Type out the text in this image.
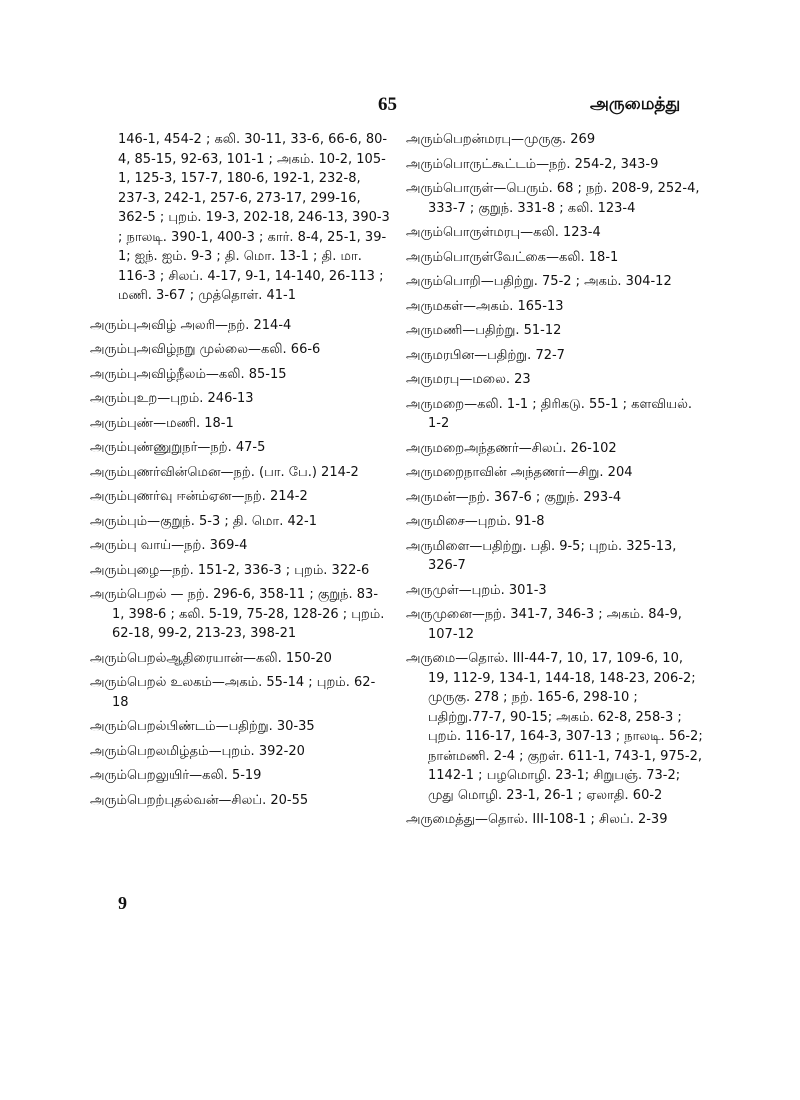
65	அருமைத்து
146-1, 454-2 ; கலி. 30-11, 33-6, 66-6, 80-4, 85-15, 92-63, 101-1 ; அகம். 10-2, 105-1, 125-3, 157-7, 180-6, 192-1, 232-8, 237-3, 242-1, 257-6, 273-17, 299-16, 362-5 ; புறம். 19-3, 202-18, 246-13, 390-3 ; நாலடி. 390-1, 400-3 ; கார். 8-4, 25-1, 39-1; ஐந். ஐம். 9-3 ; தி. மொ. 13-1 ; தி. மா. 116-3 ; சிலப். 4-17, 9-1, 14-140, 26-113 ; மணி. 3-67 ; முத்தொள். 41-1
அரும்புஅவிழ் அலரி—நற். 214-4
அரும்புஅவிழ்நறு முல்லை—கலி. 66-6
அரும்புஅவிழ்நீலம்—கலி. 85-15
அரும்புஉற—புறம். 246-13
அரும்புண்—மணி. 18-1
அரும்புண்ணுறுநர்—நற். 47-5
அரும்புணர்வின்மென—நற். (பா. பே.) 214-2
அரும்புணர்வு ஈன்ம்ஏன—நற். 214-2
அரும்பும்—குறுந். 5-3 ; தி. மொ. 42-1
அரும்பு வாய்—நற். 369-4
அரும்புழை—நற். 151-2, 336-3 ; புறம். 322-6
அரும்பெறல் — நற். 296-6, 358-11 ; குறுந். 83-1, 398-6 ; கலி. 5-19, 75-28, 128-26 ; புறம். 62-18, 99-2, 213-23, 398-21
அரும்பெறல்ஆதிரையான்—கலி. 150-20
அரும்பெறல் உலகம்—அகம். 55-14 ; புறம். 62-18
அரும்பெறல்பிண்டம்—பதிற்று. 30-35
அரும்பெறலமிழ்தம்—புறம். 392-20
அரும்பெறலுயிர்—கலி. 5-19
அரும்பெறற்புதல்வன்—சிலப். 20-55
அரும்பெறன்மரபு—முருகு. 269
அரும்பொருட்கூட்டம்—நற். 254-2, 343-9
அரும்பொருள்—பெரும். 68 ; நற். 208-9, 252-4, 333-7 ; குறுந். 331-8 ; கலி. 123-4
அரும்பொருள்மரபு—கலி. 123-4
அரும்பொருள்வேட்கை—கலி. 18-1
அரும்பொறி—பதிற்று. 75-2 ; அகம். 304-12
அருமகள்—அகம். 165-13
அருமணி—பதிற்று. 51-12
அருமரபின—பதிற்று. 72-7
அருமரபு—மலை. 23
அருமறை—கலி. 1-1 ; திரிகடு. 55-1 ; களவியல். 1-2
அருமறைஅந்தணர்—சிலப். 26-102
அருமறைநாவின் அந்தணர்—சிறு. 204
அருமன்—நற். 367-6 ; குறுந். 293-4
அருமிசை—புறம். 91-8
அருமிளை—பதிற்று. பதி. 9-5; புறம். 325-13, 326-7
அருமுள்—புறம். 301-3
அருமுனை—நற். 341-7, 346-3 ; அகம். 84-9, 107-12
அருமை—தொல். III-44-7, 10, 17, 109-6, 10, 19, 112-9, 134-1, 144-18, 148-23, 206-2; முருகு. 278 ; நற். 165-6, 298-10 ; பதிற்று.77-7, 90-15; அகம். 62-8, 258-3 ; புறம். 116-17, 164-3, 307-13 ; நாலடி. 56-2; நான்மணி. 2-4 ; குறள். 611-1, 743-1, 975-2, 1142-1 ; பழமொழி. 23-1; சிறுபஞ். 73-2; முது மொழி. 23-1, 26-1 ; ஏலாதி. 60-2
அருமைத்து—தொல். III-108-1 ; சிலப். 2-39
9
